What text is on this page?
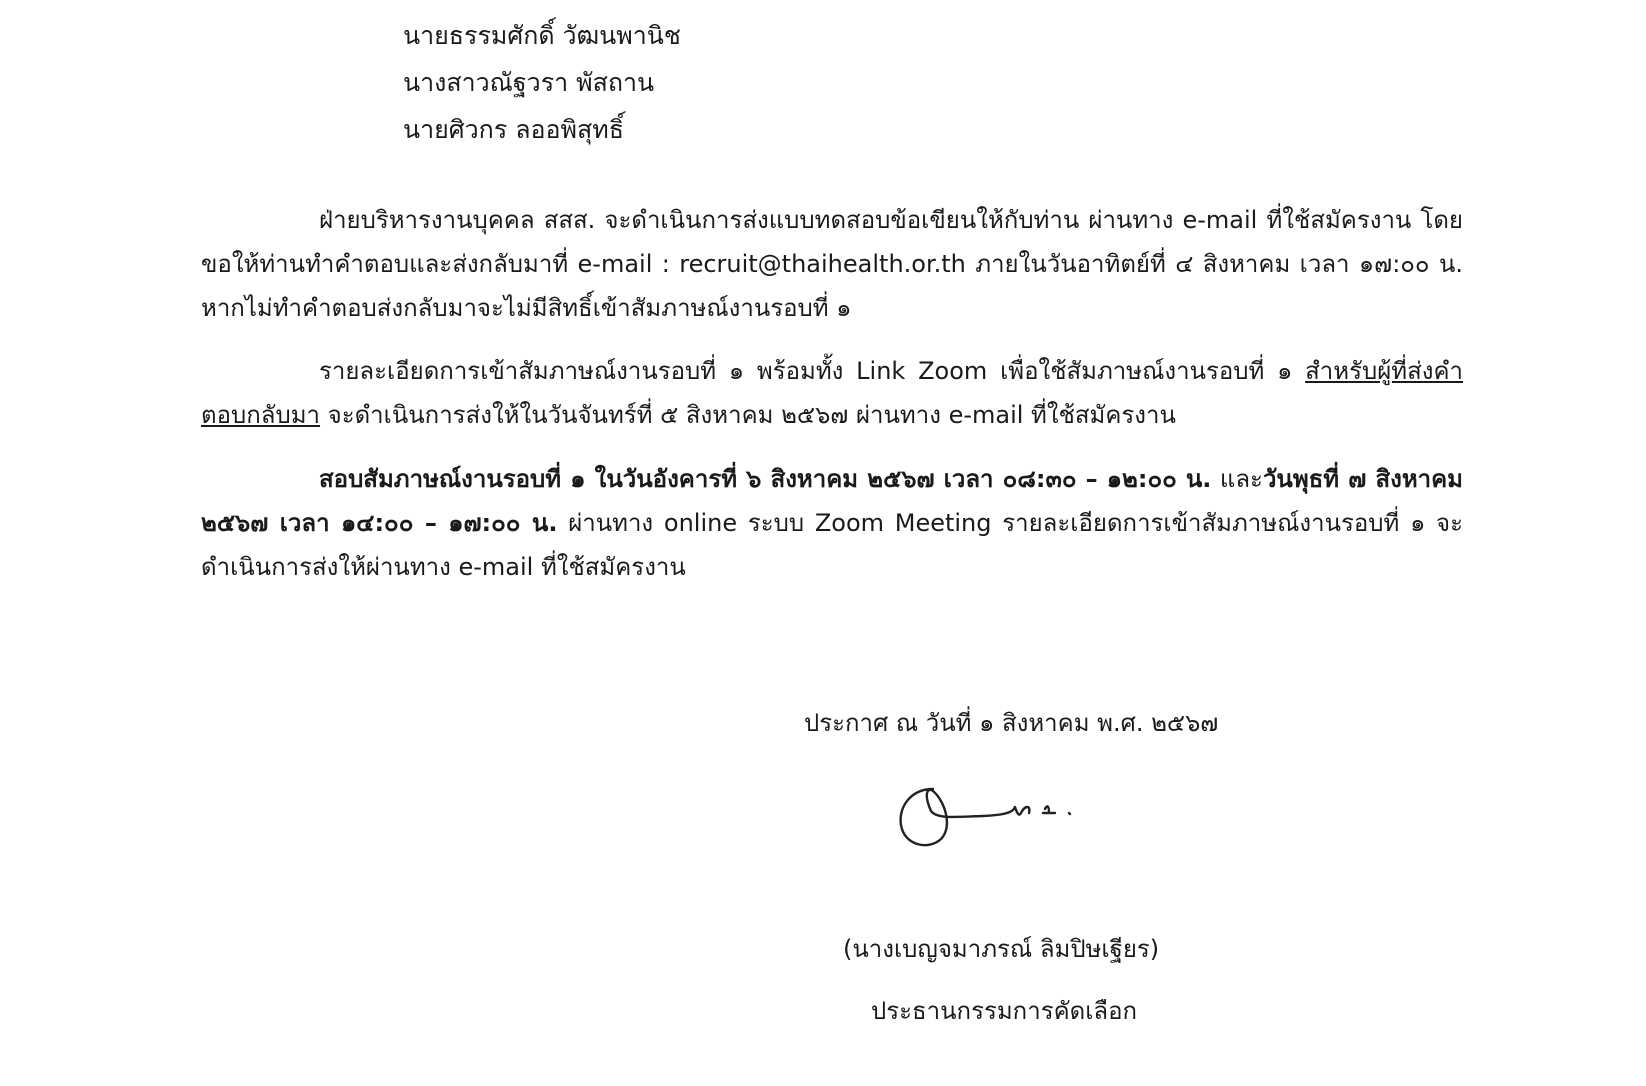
นายธรรมศักดิ์ วัฒนพานิช
นางสาวณัฐวรา พัสถาน
นายศิวกร ลออพิสุทธิ์
ฝ่ายบริหารงานบุคคล สสส. จะดำเนินการส่งแบบทดสอบข้อเขียนให้กับท่าน ผ่านทาง e-mail ที่ใช้สมัครงาน โดยขอให้ท่านทำคำตอบและส่งกลับมาที่ e-mail : recruit@thaihealth.or.th ภายในวันอาทิตย์ที่ ๔ สิงหาคม เวลา ๑๗:๐๐ น. หากไม่ทำคำตอบส่งกลับมาจะไม่มีสิทธิ์เข้าสัมภาษณ์งานรอบที่ ๑
รายละเอียดการเข้าสัมภาษณ์งานรอบที่ ๑ พร้อมทั้ง Link Zoom เพื่อใช้สัมภาษณ์งานรอบที่ ๑ สำหรับผู้ที่ส่งคำตอบกลับมา จะดำเนินการส่งให้ในวันจันทร์ที่ ๕ สิงหาคม ๒๕๖๗ ผ่านทาง e-mail ที่ใช้สมัครงาน
สอบสัมภาษณ์งานรอบที่ ๑ ในวันอังคารที่ ๖ สิงหาคม ๒๕๖๗ เวลา ๐๘:๓๐ – ๑๒:๐๐ น. และวันพุธที่ ๗ สิงหาคม ๒๕๖๗ เวลา ๑๔:๐๐ – ๑๗:๐๐ น. ผ่านทาง online ระบบ Zoom Meeting รายละเอียดการเข้าสัมภาษณ์งานรอบที่ ๑ จะดำเนินการส่งให้ผ่านทาง e-mail ที่ใช้สมัครงาน
ประกาศ ณ วันที่ ๑ สิงหาคม พ.ศ. ๒๕๖๗
(นางเบญจมาภรณ์ ลิมปิษเฐียร)
ประธานกรรมการคัดเลือก
